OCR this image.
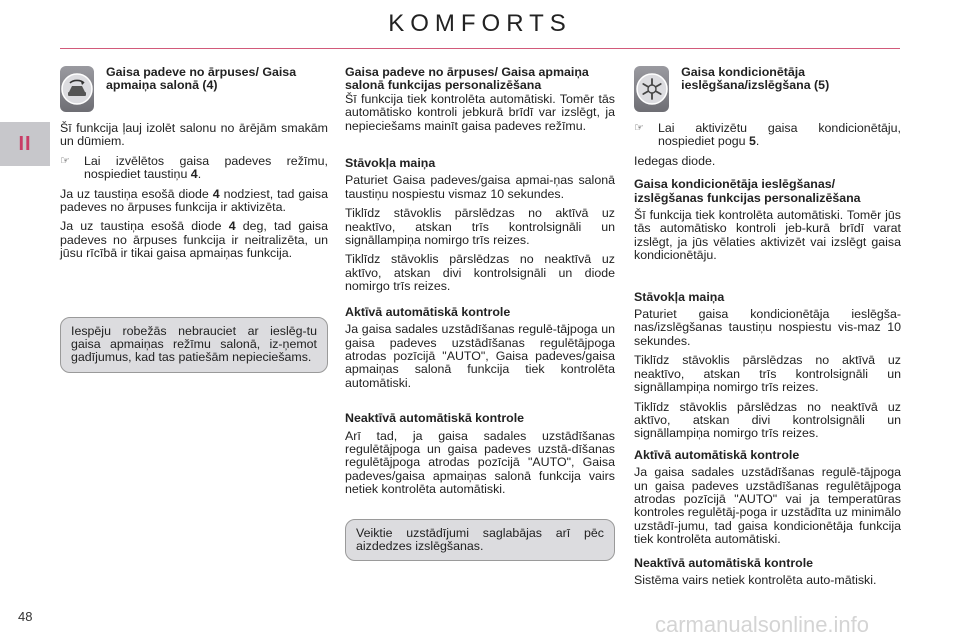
KOMFORTS
II

Gaisa padeve no ārpuses/ Gaisa apmaiņa salonā (4)

Šī funkcija ļauj izolēt salonu no ārējām smakām un dūmiem.

☞	Lai izvēlētos gaisa padeves režīmu, nospiediet taustiņu 4.

Ja uz taustiņa esošā diode 4 nodziest, tad gaisa padeves no ārpuses funkcija ir aktivizēta.

Ja uz taustiņa esošā diode 4 deg, tad gaisa padeves no ārpuses funkcija ir neitralizēta, un jūsu rīcībā ir tikai gaisa apmaiņas funkcija.

Iespēju robežās nebrauciet ar ieslēg-tu gaisa apmaiņas režīmu salonā, iz-ņemot gadījumus, kad tas patiešām nepieciešams.

Gaisa padeve no ārpuses/ Gaisa apmaiņa salonā funkcijas personalizēšana

Šī funkcija tiek kontrolēta automātiski. Tomēr tās automātisko kontroli jebkurā brīdī var izslēgt, ja nepieciešams mainīt gaisa padeves režīmu.

Stāvokļa maiņa

Paturiet Gaisa padeves/gaisa apmai-ņas salonā taustiņu nospiestu vismaz 10 sekundes.

Tiklīdz stāvoklis pārslēdzas no aktīvā uz neaktīvo, atskan trīs kontrolsignāli un signāllampiņa nomirgo trīs reizes.

Tiklīdz stāvoklis pārslēdzas no neaktīvā uz aktīvo, atskan divi kontrolsignāli un diode nomirgo trīs reizes.

Aktīvā automātiskā kontrole

Ja gaisa sadales uzstādīšanas regulē-tājpoga un gaisa padeves uzstādīšanas regulētājpoga atrodas pozīcijā "AUTO", Gaisa padeves/gaisa apmaiņas salonā funkcija tiek kontrolēta automātiski.

Neaktīvā automātiskā kontrole

Arī tad, ja gaisa sadales uzstādīšanas regulētājpoga un gaisa padeves uzstā-dīšanas regulētājpoga atrodas pozīcijā "AUTO", Gaisa padeves/gaisa apmaiņas salonā funkcija vairs netiek kontrolēta automātiski.

Veiktie uzstādījumi saglabājas arī pēc aizdedzes izslēgšanas.

Gaisa kondicionētāja ieslēgšana/izslēgšana (5)

☞	Lai aktivizētu gaisa kondicionētāju, nospiediet pogu 5.

Iedegas diode.

Gaisa kondicionētāja ieslēgšanas/ izslēgšanas funkcijas personalizēšana

Šī funkcija tiek kontrolēta automātiski. Tomēr jūs tās automātisko kontroli jeb-kurā brīdī varat izslēgt, ja jūs vēlaties aktivizēt vai izslēgt gaisa kondicionētāju.

Stāvokļa maiņa

Paturiet gaisa kondicionētāja ieslēgša-nas/izslēgšanas taustiņu nospiestu vis-maz 10 sekundes.

Tiklīdz stāvoklis pārslēdzas no aktīvā uz neaktīvo, atskan trīs kontrolsignāli un signāllampiņa nomirgo trīs reizes.

Tiklīdz stāvoklis pārslēdzas no neaktīvā uz aktīvo, atskan divi kontrolsignāli un signāllampiņa nomirgo trīs reizes.

Aktīvā automātiskā kontrole

Ja gaisa sadales uzstādīšanas regulē-tājpoga un gaisa padeves uzstādīšanas regulētājpoga atrodas pozīcijā "AUTO" vai ja temperatūras kontroles regulētāj-poga ir uzstādīta uz minimālo uzstādī-jumu, tad gaisa kondicionētāja funkcija tiek kontrolēta automātiski.

Neaktīvā automātiskā kontrole

Sistēma vairs netiek kontrolēta auto-mātiski.

48	carmanualsonline.info
